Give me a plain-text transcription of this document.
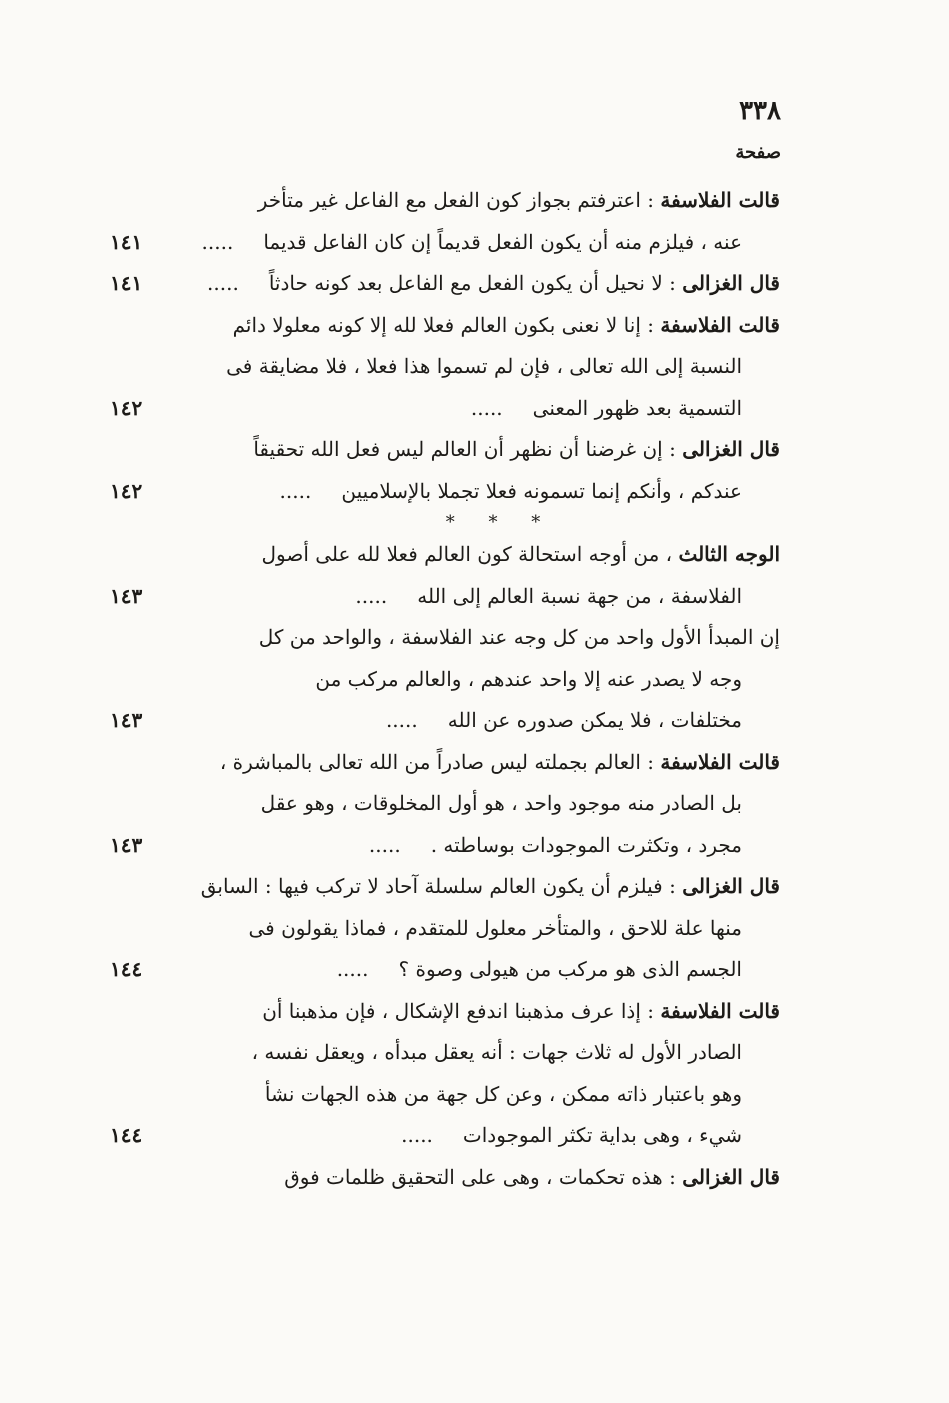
٣٣٨
صفحة
قالت الفلاسفة : اعترفتم بجواز كون الفعل مع الفاعل غير متأخر
عنه ، فيلزم منه أن يكون الفعل قديماً إن كان الفاعل قديما.....
١٤١
قال الغزالى : لا نحيل أن يكون الفعل مع الفاعل بعد كونه حادثاً.....
١٤١
قالت الفلاسفة : إنا لا نعنى بكون العالم فعلا لله إلا كونه معلولا دائم
النسبة إلى الله تعالى ، فإن لم تسموا هذا فعلا ، فلا مضايقة فى
التسمية بعد ظهور المعنى.....
١٤٢
قال الغزالى : إن غرضنا أن نظهر أن العالم ليس فعل الله تحقيقاً
عندكم ، وأنكم إنما تسمونه فعلا تجملا بالإسلاميين.....
١٤٢
* * *
الوجه الثالث ، من أوجه استحالة كون العالم فعلا لله على أصول
الفلاسفة ، من جهة نسبة العالم إلى الله.....
١٤٣
إن المبدأ الأول واحد من كل وجه عند الفلاسفة ، والواحد من كل
وجه لا يصدر عنه إلا واحد عندهم ، والعالم مركب من
مختلفات ، فلا يمكن صدوره عن الله.....
١٤٣
قالت الفلاسفة : العالم بجملته ليس صادراً من الله تعالى بالمباشرة ،
بل الصادر منه موجود واحد ، هو أول المخلوقات ، وهو عقل
مجرد ، وتكثرت الموجودات بوساطته ......
١٤٣
قال الغزالى : فيلزم أن يكون العالم سلسلة آحاد لا تركب فيها : السابق
منها علة للاحق ، والمتأخر معلول للمتقدم ، فماذا يقولون فى
الجسم الذى هو مركب من هيولى وصوة ؟.....
١٤٤
قالت الفلاسفة : إذا عرف مذهبنا اندفع الإشكال ، فإن مذهبنا أن
الصادر الأول له ثلاث جهات : أنه يعقل مبدأه ، ويعقل نفسه ،
وهو باعتبار ذاته ممكن ، وعن كل جهة من هذه الجهات نشأ
شيء ، وهى بداية تكثر الموجودات.....
١٤٤
قال الغزالى : هذه تحكمات ، وهى على التحقيق ظلمات فوق
